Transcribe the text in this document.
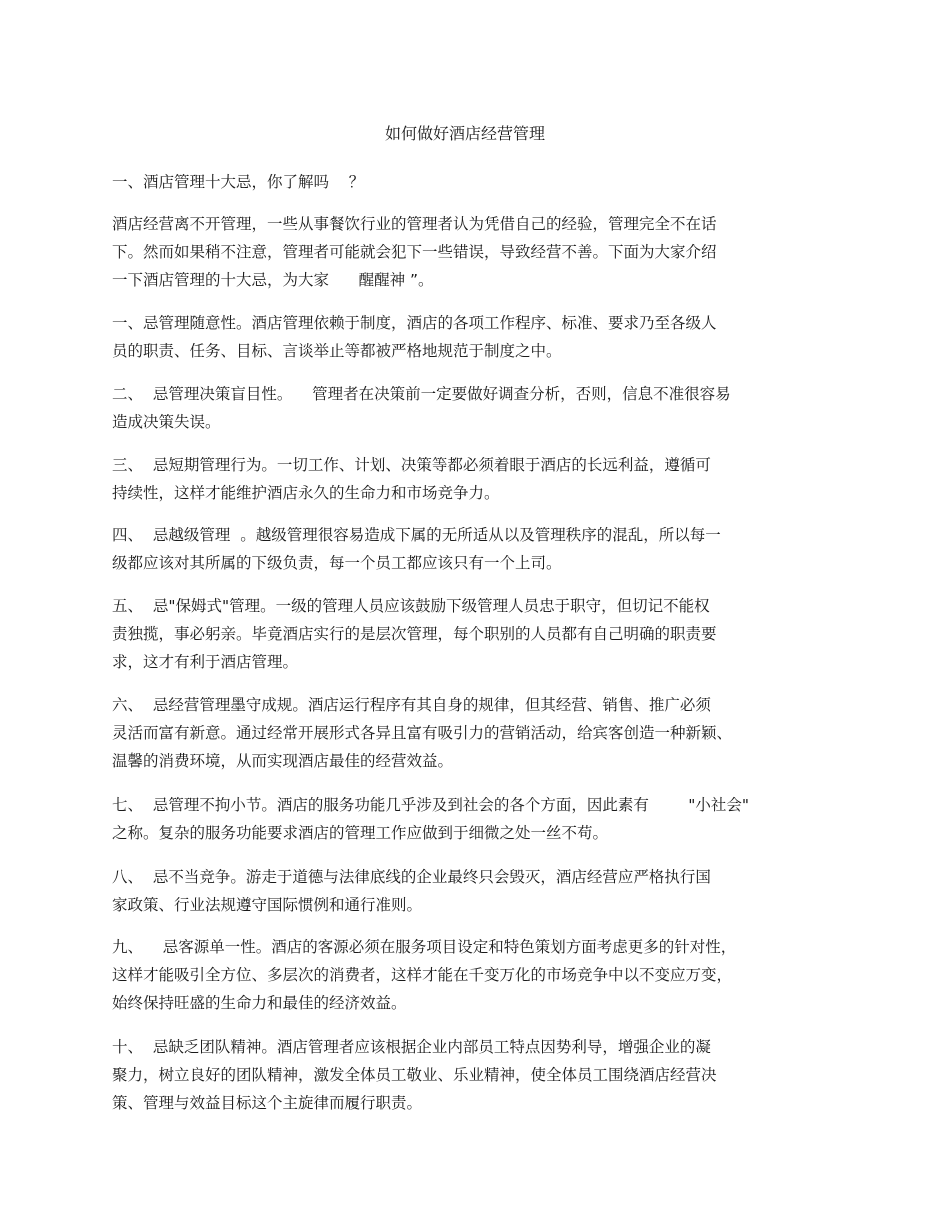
如何做好酒店经营管理
一、酒店管理十大忌，你了解吗    ？
酒店经营离不开管理，一些从事餐饮行业的管理者认为凭借自己的经验，管理完全不在话
下。然而如果稍不注意，管理者可能就会犯下一些错误，导致经营不善。下面为大家介绍
一下酒店管理的十大忌，为大家      醒醒神 ”。
一、忌管理随意性。酒店管理依赖于制度，酒店的各项工作程序、标准、要求乃至各级人
员的职责、任务、目标、言谈举止等都被严格地规范于制度之中。
二、  忌管理决策盲目性。    管理者在决策前一定要做好调查分析，否则，信息不准很容易
造成决策失误。
三、  忌短期管理行为。一切工作、计划、决策等都必须着眼于酒店的长远利益，遵循可
持续性，这样才能维护酒店永久的生命力和市场竞争力。
四、  忌越级管理  。越级管理很容易造成下属的无所适从以及管理秩序的混乱，所以每一
级都应该对其所属的下级负责，每一个员工都应该只有一个上司。
五、  忌"保姆式"管理。一级的管理人员应该鼓励下级管理人员忠于职守，但切记不能权
责独揽，事必躬亲。毕竟酒店实行的是层次管理，每个职别的人员都有自己明确的职责要
求，这才有利于酒店管理。
六、  忌经营管理墨守成规。酒店运行程序有其自身的规律，但其经营、销售、推广必须
灵活而富有新意。通过经常开展形式各异且富有吸引力的营销活动，给宾客创造一种新颖、
温馨的消费环境，从而实现酒店最佳的经营效益。
七、  忌管理不拘小节。酒店的服务功能几乎涉及到社会的各个方面，因此素有        "小社会"
之称。复杂的服务功能要求酒店的管理工作应做到于细微之处一丝不苟。
八、  忌不当竞争。游走于道德与法律底线的企业最终只会毁灭，酒店经营应严格执行国
家政策、行业法规遵守国际惯例和通行准则。
九、    忌客源单一性。酒店的客源必须在服务项目设定和特色策划方面考虑更多的针对性，
这样才能吸引全方位、多层次的消费者，这样才能在千变万化的市场竞争中以不变应万变，
始终保持旺盛的生命力和最佳的经济效益。
十、  忌缺乏团队精神。酒店管理者应该根据企业内部员工特点因势利导，增强企业的凝
聚力，树立良好的团队精神，激发全体员工敬业、乐业精神，使全体员工围绕酒店经营决
策、管理与效益目标这个主旋律而履行职责。
